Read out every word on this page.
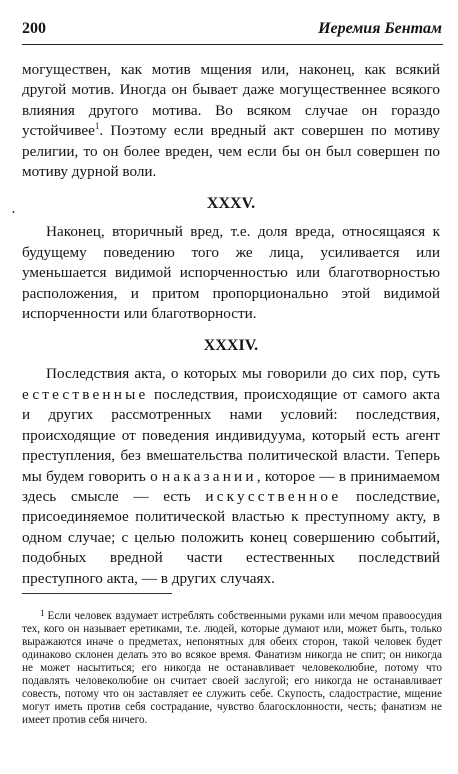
200	Иеремия Бентам

могуществен, как мотив мщения или, наконец, как всякий другой мотив. Иногда он бывает даже могущественнее всякого влияния другого мотива. Во всяком случае он гораздо устойчивее$^1$. Поэтому если вредный акт совершен по мотиву религии, то он более вреден, чем если бы он был совершен по мотиву дурной воли.

XXXV.

Наконец, вторичный вред, т.е. доля вреда, относящаяся к будущему поведению того же лица, усиливается или уменьшается видимой испорченностью или благотворностью расположения, и притом пропорционально этой видимой испорченности или благотворности.

XXXIV.

Последствия акта, о которых мы говорили до сих пор, суть естественные последствия, происходящие от самого акта и других рассмотренных нами условий: последствия, происходящие от поведения индивидуума, который есть агент преступления, без вмешательства политической власти. Теперь мы будем говорить о наказании, которое — в принимаемом здесь смысле — есть искусственное последствие, присоединяемое политической властью к преступному акту, в одном случае; с целью положить конец совершению событий, подобных вредной части естественных последствий преступного акта, — в других случаях.

•

$^1$ Если человек вздумает истреблять собственными руками или мечом правоосудия тех, кого он называет еретиками, т.е. людей, которые думают или, может быть, только выражаются иначе о предметах, непонятных для обеих сторон, такой человек будет одинаково склонен делать это во всякое время. Фанатизм никогда не спит; он никогда не может насытиться; его никогда не останавливает человеколюбие, потому что подавлять человеколюбие он считает своей заслугой; его никогда не останавливает совесть, потому что он заставляет ее служить себе. Скупость, сладострастие, мщение могут иметь против себя сострадание, чувство благосклонности, честь; фанатизм не имеет против себя ничего.
